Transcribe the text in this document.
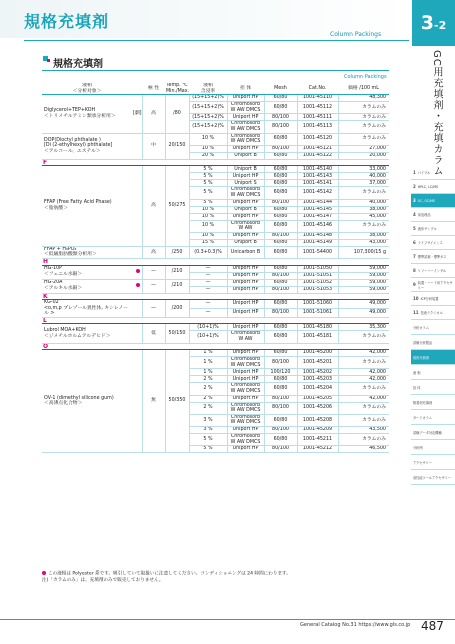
規格充填剤
Column Packings
3-2
GC用充填剤・充填カラム
1 パイプル
2 HPLC, LC/MS
3 GC, GC/MS
4 前処理品
5 液体サンプル
6 ライフサイエンス
7 標準試薬・標準ガス
8 リソーバーインザル
9 装置・ハード用アクセサリー
10 ICP分析装置
11 技術テクニカル
分析カラム
試験分析製品
規格充填剤
液 相
担 体
吸着剤充填剤
ガードカラム
試験データ対応機種
分析例
アクセサリー
高性能ツールアクセサリー
規格充填剤
Column Packings
液相
＜分析対象＞		極 性	Temp. ℃
Min./Max.	液相
含浸率	担 体	Mesh	Cat.No.	価格 /100 mL
Diglycerol+TEP+KOH
＜トリメチルアミン類承分析用＞	[劇]	高	/80	(15+15+2)%	Uniport HP	60/80	1001-45110	48,300
				(15+15+2)%	Chromosorb
W AW DMCS	60/80	1001-45112	カラムのみ
				(15+15+2)%	Uniport HP	80/100	1001-45111	カラムのみ
				(15+15+2)%	Chromosorb
W AW DMCS	80/100	1001-45113	カラムのみ
DOP(Dioctyl phthalate )
[Di (2-ethylhexyl) phthalate]
＜アルコール、エステル＞		中	20/150	10 %	Chromosorb
W AW DMCS	60/80	1001-45120	カラムのみ
				10 %	Uniport HP	80/100	1001-45121	27,000
				20 %	Uniport B	60/80	1001-45122	20,000
F								
FFAP (Free Fatty Acid Phase)
＜脂肪酸＞		高	50/275	5 %	Uniport B	60/80	1001-45140	33,000
				5 %	Uniport HP	60/80	1001-45143	40,000
				5 %	Uniport S	60/80	1001-45141	37,000
				5 %	Chromosorb
W AW DMCS	60/80	1001-45142	カラムのみ
				5 %	Uniport HP	80/100	1001-45144	40,000
				10 %	Uniport B	60/80	1001-45145	38,000
				10 %	Uniport HP	60/80	1001-45147	45,000
				10 %	Chromosorb
W AW	60/80	1001-45146	カラムのみ
				10 %	Uniport HP	80/100	1001-45148	38,000
				15 %	Uniport B	60/80	1001-45149	43,000
FFAP + H₃PO₄
＜低級脂肪酸類分析用＞		高	/250	(0.3+0.3)%	Unicarbon B	60/80	1001-54400	107,300/15 g
H								
HG-10P
＜フェニル水銀＞		—	/210	—	Uniport HP	60/80	1001-51050	59,000
				—	Uniport HP	80/100	1001-51051	59,000
HG-20A
＜アルキル水銀＞		—	/210	—	Uniport HP	60/80	1001-51052	59,000
				—	Uniport HP	80/100	1001-51053	59,000
K								
KG-02
<o,m,p プレゾール異性体, キシレノール >		—	/200	—	Uniport HP	60/80	1001-51060	49,000
				—	Uniport HP	80/100	1001-51061	49,000
L								
Lubrol MOA+KOH
＜ジメチルホルムアルデヒド＞		低	50/150	(10+1)%	Uniport HP	60/80	1001-45180	35,300
				(10+1)%	Chromosorb
W AW	60/80	1001-45181	カラムのみ
O								
OV-1 (dimethyl silicone gum)
＜高沸点化合物＞		無	50/350	1 %	Uniport HP	60/80	1001-45200	42,000
				1 %	Chromosorb
W AW DMCS	80/100	1001-45201	カラムのみ
				1 %	Uniport HP	100/120	1001-45202	42,000
				2 %	Uniport HP	60/80	1001-45203	42,000
				2 %	Chromosorb
W AW DMCS	60/80	1001-45204	カラムのみ
				2 %	Uniport HP	80/100	1001-45205	42,000
				2 %	Chromosorb
W AW DMCS	80/100	1001-45206	カラムのみ
				3 %	Chromosorb
W AW DMCS	60/80	1001-45208	カラムのみ
				3 %	Uniport HP	80/100	1001-45209	43,500
				5 %	Chromosorb
W AW DMCS	60/80	1001-45211	カラムのみ
				5 %	Uniport HP	80/100	1001-45212	46,500
この液相は Polyester 系です。吸引していて取扱いに注意してください。コンディショニングは 24 時間にわります。
注)「カラムのみ」は、充填剤のみで販売しておりません。
General Catalog No.31 https://www.gls.co.jp 487
